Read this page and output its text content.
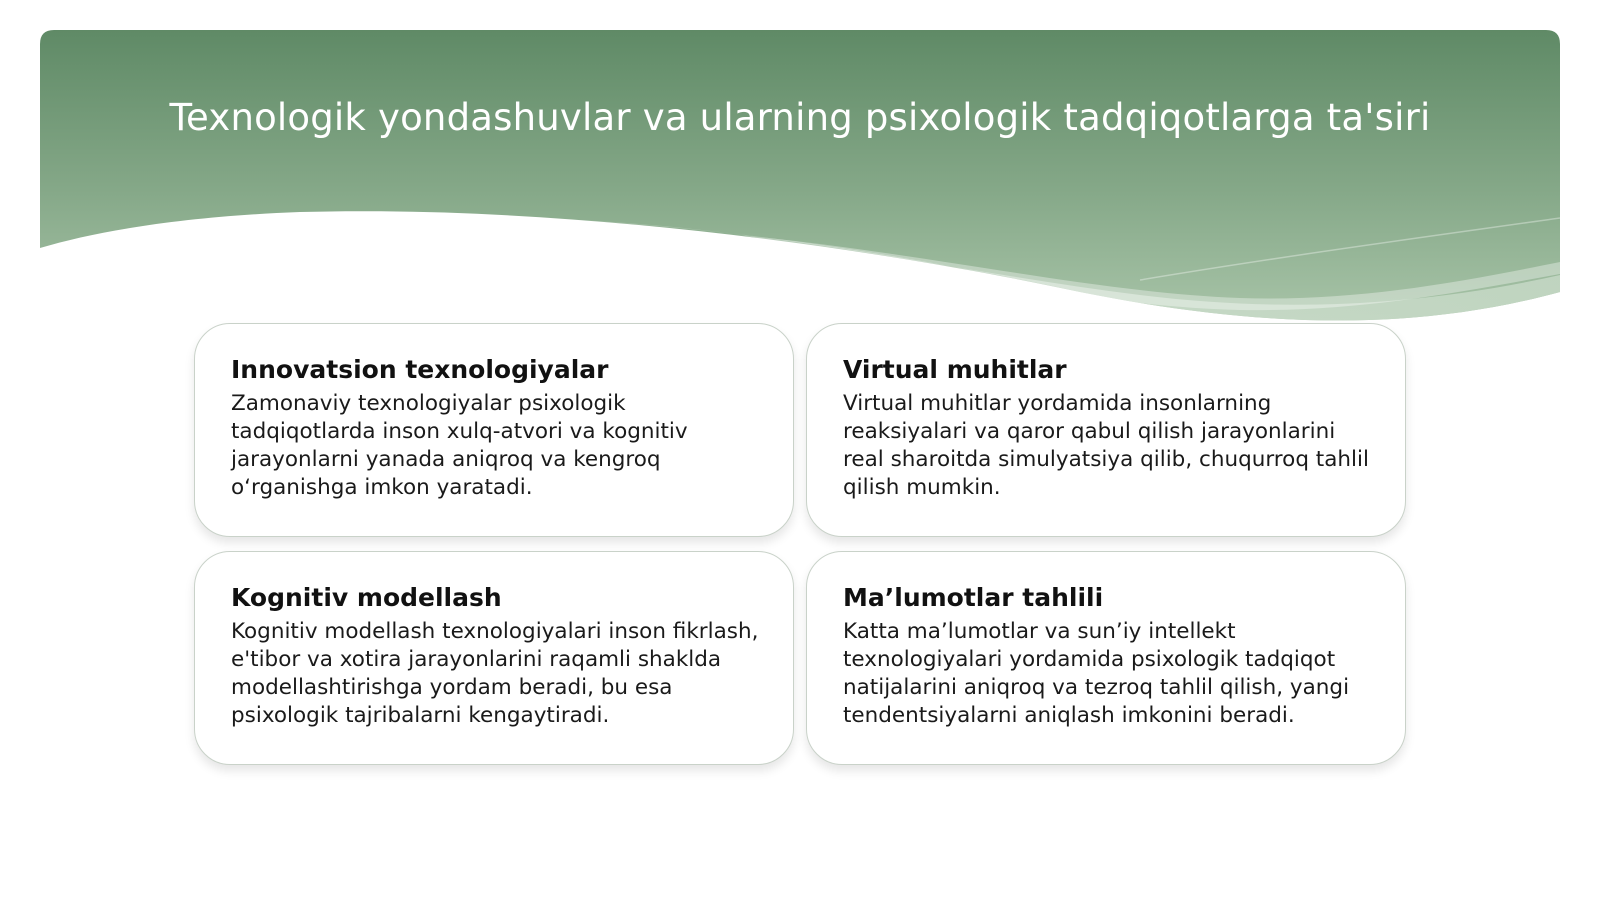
Texnologik yondashuvlar va ularning psixologik tadqiqotlarga ta'siri
Innovatsion texnologiyalar

Zamonaviy texnologiyalar psixologik tadqiqotlarda inson xulq-atvori va kognitiv jarayonlarni yanada aniqroq va kengroq o‘rganishga imkon yaratadi.

Virtual muhitlar

Virtual muhitlar yordamida insonlarning reaksiyalari va qaror qabul qilish jarayonlarini real sharoitda simulyatsiya qilib, chuqurroq tahlil qilish mumkin.

Kognitiv modellash

Kognitiv modellash texnologiyalari inson fikrlash, e'tibor va xotira jarayonlarini raqamli shaklda modellashtirishga yordam beradi, bu esa psixologik tajribalarni kengaytiradi.

Ma’lumotlar tahlili

Katta ma’lumotlar va sun’iy intellekt texnologiyalari yordamida psixologik tadqiqot natijalarini aniqroq va tezroq tahlil qilish, yangi tendentsiyalarni aniqlash imkonini beradi.
